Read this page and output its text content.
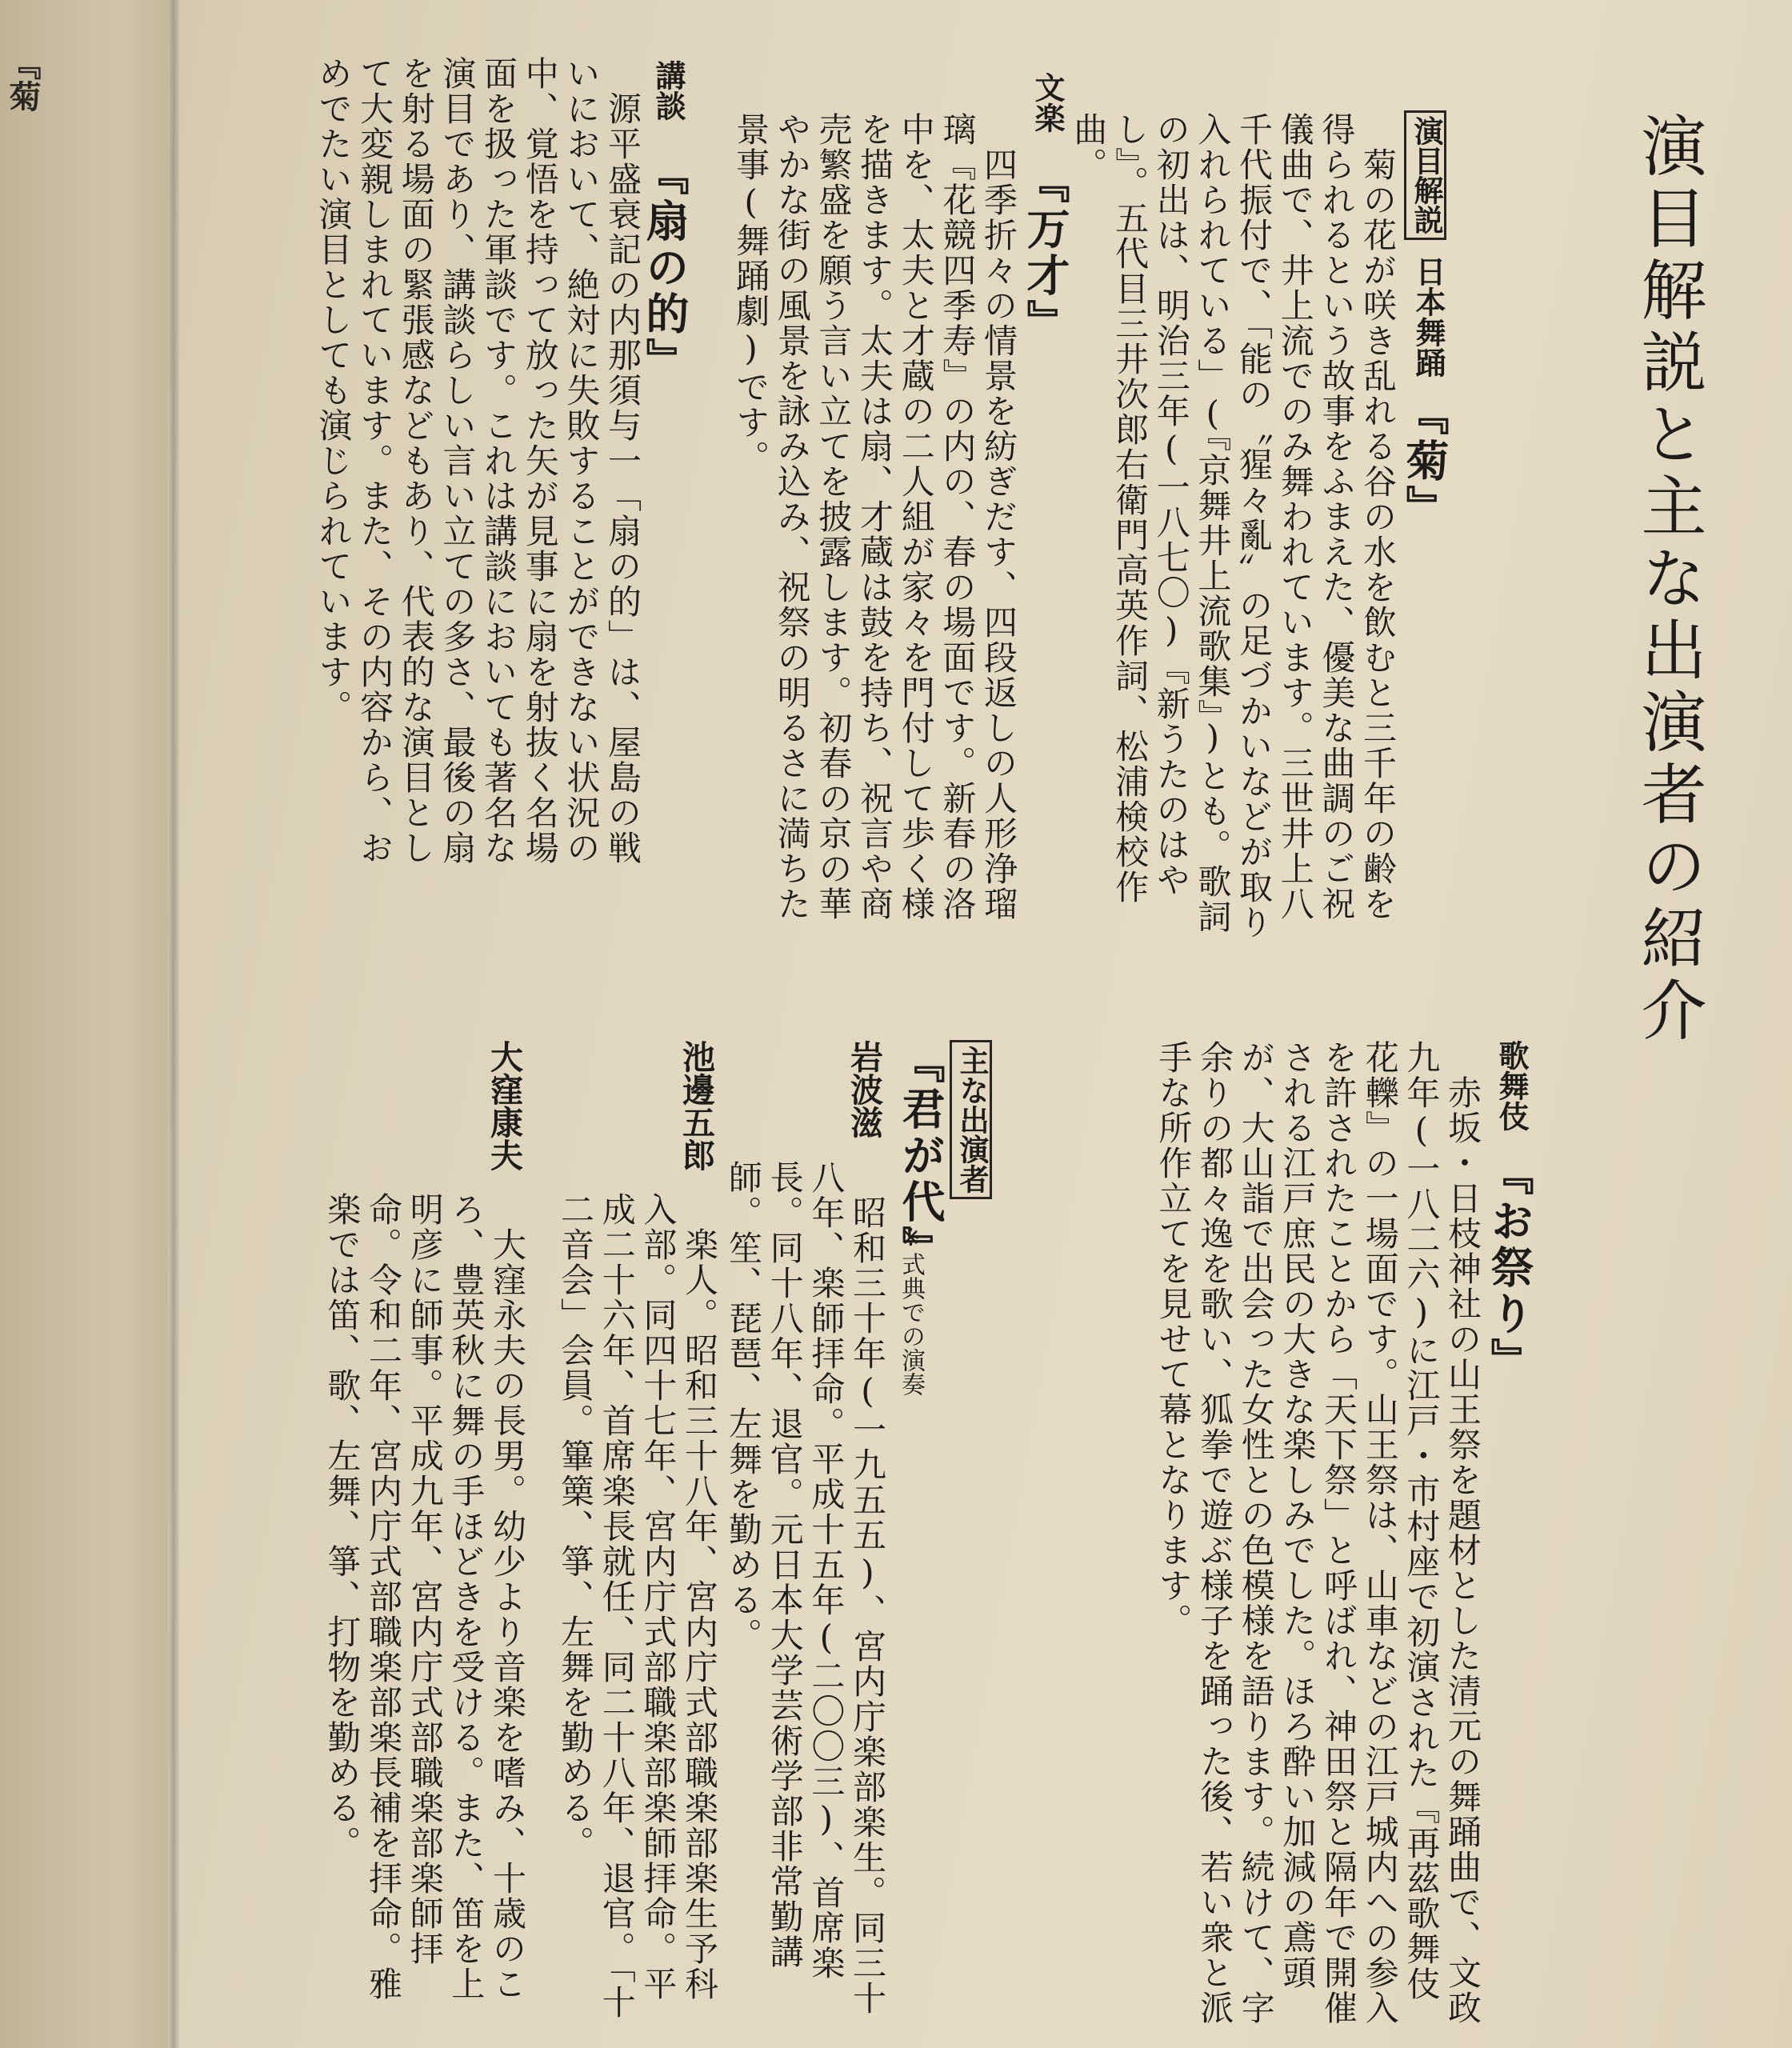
『菊
演目解説と主な出演者の紹介
演目解説
日本舞踊
『菊』
　菊の花が咲き乱れる谷の水を飲むと三千年の齢を得られるという故事をふまえた、優美な曲調のご祝儀曲で、井上流でのみ舞われています。三世井上八千代振付で、「能の〝猩々亂〟の足づかいなどが取り入れられている」(『京舞井上流歌集』)とも。歌詞の初出は、明治三年(一八七〇)『新うたのはやし』。五代目三井次郎右衛門高英作詞、松浦検校作曲。
文楽
『万才』
　四季折々の情景を紡ぎだす、四段返しの人形浄瑠璃『花競四季寿』の内の、春の場面です。新春の洛中を、太夫と才蔵の二人組が家々を門付して歩く様を描きます。太夫は扇、才蔵は鼓を持ち、祝言や商売繁盛を願う言い立てを披露します。初春の京の華やかな街の風景を詠み込み、祝祭の明るさに満ちた景事(舞踊劇)です。
講談
『扇の的』
　源平盛衰記の内那須与一「扇の的」は、屋島の戦いにおいて、絶対に失敗することができない状況の中、覚悟を持って放った矢が見事に扇を射抜く名場面を扱った軍談です。これは講談においても著名な演目であり、講談らしい言い立ての多さ、最後の扇を射る場面の緊張感などもあり、代表的な演目として大変親しまれています。また、その内容から、おめでたい演目としても演じられています。
歌舞伎
『お祭り』
　赤坂・日枝神社の山王祭を題材とした清元の舞踊曲で、文政九年(一八二六)に江戸・市村座で初演された『再茲歌舞伎花轢』の一場面です。山王祭は、山車などの江戸城内への参入を許されたことから「天下祭」と呼ばれ、神田祭と隔年で開催される江戸庶民の大きな楽しみでした。ほろ酔い加減の鳶頭が、大山詣で出会った女性との色模様を語ります。続けて、字余りの都々逸を歌い、狐拳で遊ぶ様子を踊った後、若い衆と派手な所作立てを見せて幕となります。
主な出演者
『君が代』
※式典での演奏
岩波滋
　昭和三十年(一九五五)、宮内庁楽部楽生。同三十八年、楽師拝命。平成十五年(二〇〇三)、首席楽長。同十八年、退官。元日本大学芸術学部非常勤講師。笙、琵琶、左舞を勤める。
池邊五郎
　楽人。昭和三十八年、宮内庁式部職楽部楽生予科入部。同四十七年、宮内庁式部職楽部楽師拝命。平成二十六年、首席楽長就任、同二十八年、退官。「十二音会」会員。篳篥、箏、左舞を勤める。
大窪康夫
　大窪永夫の長男。幼少より音楽を嗜み、十歳のころ、豊英秋に舞の手ほどきを受ける。また、笛を上明彦に師事。平成九年、宮内庁式部職楽部楽師拝命。令和二年、宮内庁式部職楽部楽長補を拝命。雅楽では笛、歌、左舞、箏、打物を勤める。
